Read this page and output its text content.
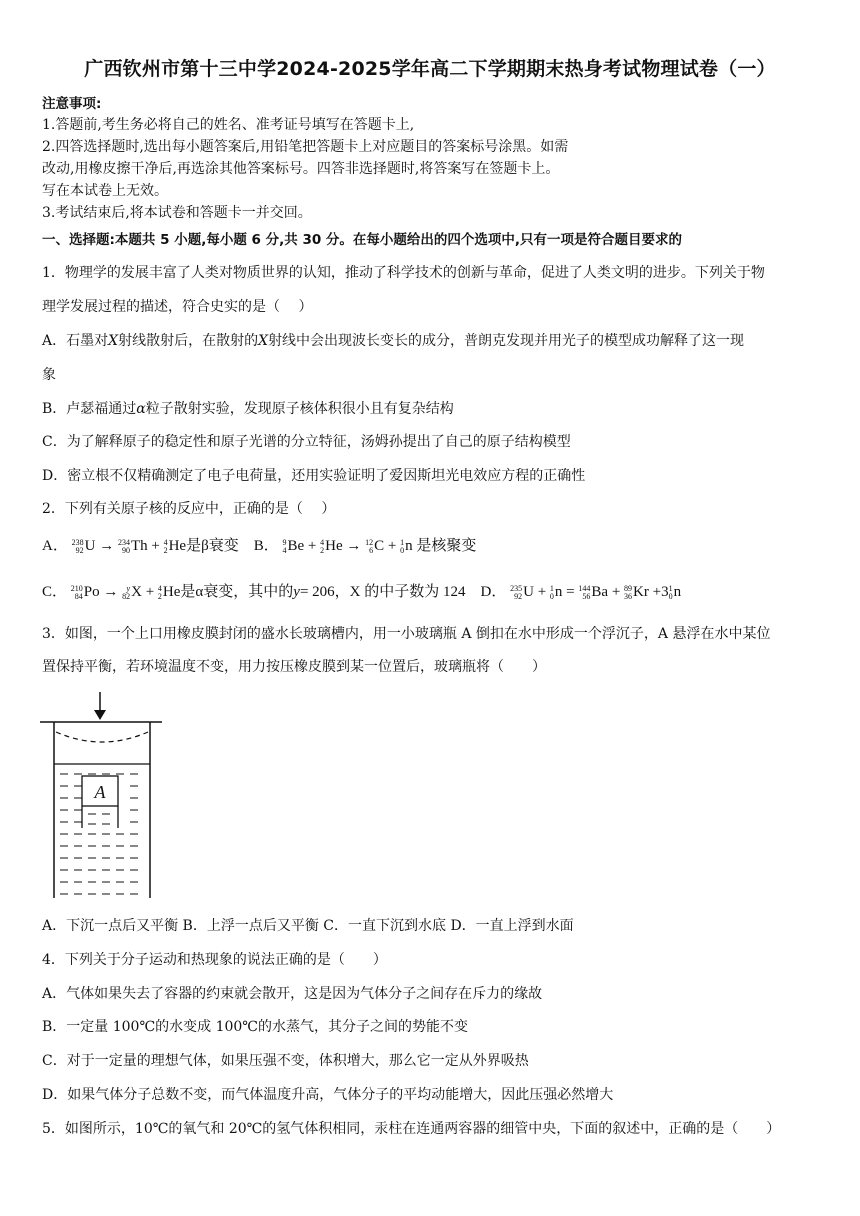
广西钦州市第十三中学2024-2025学年高二下学期期末热身考试物理试卷（一）
注意事项:
1.答题前,考生务必将自己的姓名、准考证号填写在答题卡上,
2.四答选择题时,选出每小题答案后,用铅笔把答题卡上对应题目的答案标号涂黑。如需
改动,用橡皮擦干净后,再选涂其他答案标号。四答非选择题时,将答案写在签题卡上。
写在本试卷上无效。
3.考试结束后,将本试卷和答题卡一并交回。
一、选择题:本题共 5 小题,每小题 6 分,共 30 分。在每小题给出的四个选项中,只有一项是符合题目要求的
1．物理学的发展丰富了人类对物质世界的认知，推动了科学技术的创新与革命，促进了人类文明的进步。下列关于物
理学发展过程的描述，符合史实的是（　 ）
A．石墨对X射线散射后，在散射的X射线中会出现波长变长的成分，普朗克发现并用光子的模型成功解释了这一现
象
B．卢瑟福通过α粒子散射实验，发现原子核体积很小且有复杂结构
C．为了解释原子的稳定性和原子光谱的分立特征，汤姆孙提出了自己的原子结构模型
D．密立根不仅精确测定了电子电荷量，还用实验证明了爱因斯坦光电效应方程的正确性
2．下列有关原子核的反应中，正确的是（　 ）
A． 238
92 U → 234
90 Th + 4
2 He是β衰变 B． 9
4 Be + 4
2 He → 12
6 C + 1
0 n 是核聚变
C． 210
84 Po →	y
82 X + 4
2 He是α衰变，其中的y= 206，X 的中子数为 124 D． 235
92 U + 1
0 n = 144
56 Ba + 89
36 Kr +3 1
0 n
3．如图，一个上口用橡皮膜封闭的盛水长玻璃槽内，用一小玻璃瓶 A 倒扣在水中形成一个浮沉子，A 悬浮在水中某位
置保持平衡，若环境温度不变，用力按压橡皮膜到某一位置后，玻璃瓶将（　　）
A
A．下沉一点后又平衡 B．上浮一点后又平衡 C．一直下沉到水底 D．一直上浮到水面
4．下列关于分子运动和热现象的说法正确的是（　　）
A．气体如果失去了容器的约束就会散开，这是因为气体分子之间存在斥力的缘故
B．一定量 100℃的水变成 100℃的水蒸气，其分子之间的势能不变
C．对于一定量的理想气体，如果压强不变，体积增大，那么它一定从外界吸热
D．如果气体分子总数不变，而气体温度升高，气体分子的平均动能增大，因此压强必然增大
5．如图所示，10℃的氧气和 20℃的氢气体积相同，汞柱在连通两容器的细管中央，下面的叙述中，正确的是（　　）
